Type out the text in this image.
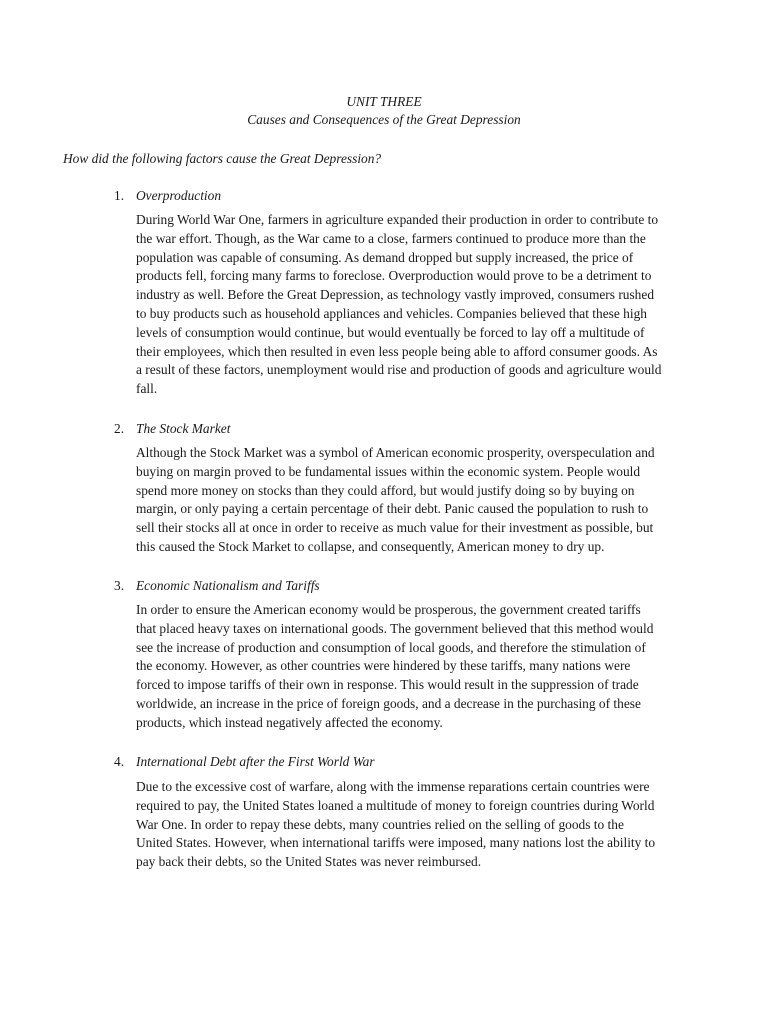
UNIT THREE
Causes and Consequences of the Great Depression
How did the following factors cause the Great Depression?
1. Overproduction
During World War One, farmers in agriculture expanded their production in order to contribute to
the war effort. Though, as the War came to a close, farmers continued to produce more than the
population was capable of consuming. As demand dropped but supply increased, the price of
products fell, forcing many farms to foreclose. Overproduction would prove to be a detriment to
industry as well. Before the Great Depression, as technology vastly improved, consumers rushed
to buy products such as household appliances and vehicles. Companies believed that these high
levels of consumption would continue, but would eventually be forced to lay off a multitude of
their employees, which then resulted in even less people being able to afford consumer goods. As
a result of these factors, unemployment would rise and production of goods and agriculture would
fall.
2. The Stock Market
Although the Stock Market was a symbol of American economic prosperity, overspeculation and
buying on margin proved to be fundamental issues within the economic system. People would
spend more money on stocks than they could afford, but would justify doing so by buying on
margin, or only paying a certain percentage of their debt. Panic caused the population to rush to
sell their stocks all at once in order to receive as much value for their investment as possible, but
this caused the Stock Market to collapse, and consequently, American money to dry up.
3. Economic Nationalism and Tariffs
In order to ensure the American economy would be prosperous, the government created tariffs
that placed heavy taxes on international goods. The government believed that this method would
see the increase of production and consumption of local goods, and therefore the stimulation of
the economy. However, as other countries were hindered by these tariffs, many nations were
forced to impose tariffs of their own in response. This would result in the suppression of trade
worldwide, an increase in the price of foreign goods, and a decrease in the purchasing of these
products, which instead negatively affected the economy.
4. International Debt after the First World War
Due to the excessive cost of warfare, along with the immense reparations certain countries were
required to pay, the United States loaned a multitude of money to foreign countries during World
War One. In order to repay these debts, many countries relied on the selling of goods to the
United States. However, when international tariffs were imposed, many nations lost the ability to
pay back their debts, so the United States was never reimbursed.
